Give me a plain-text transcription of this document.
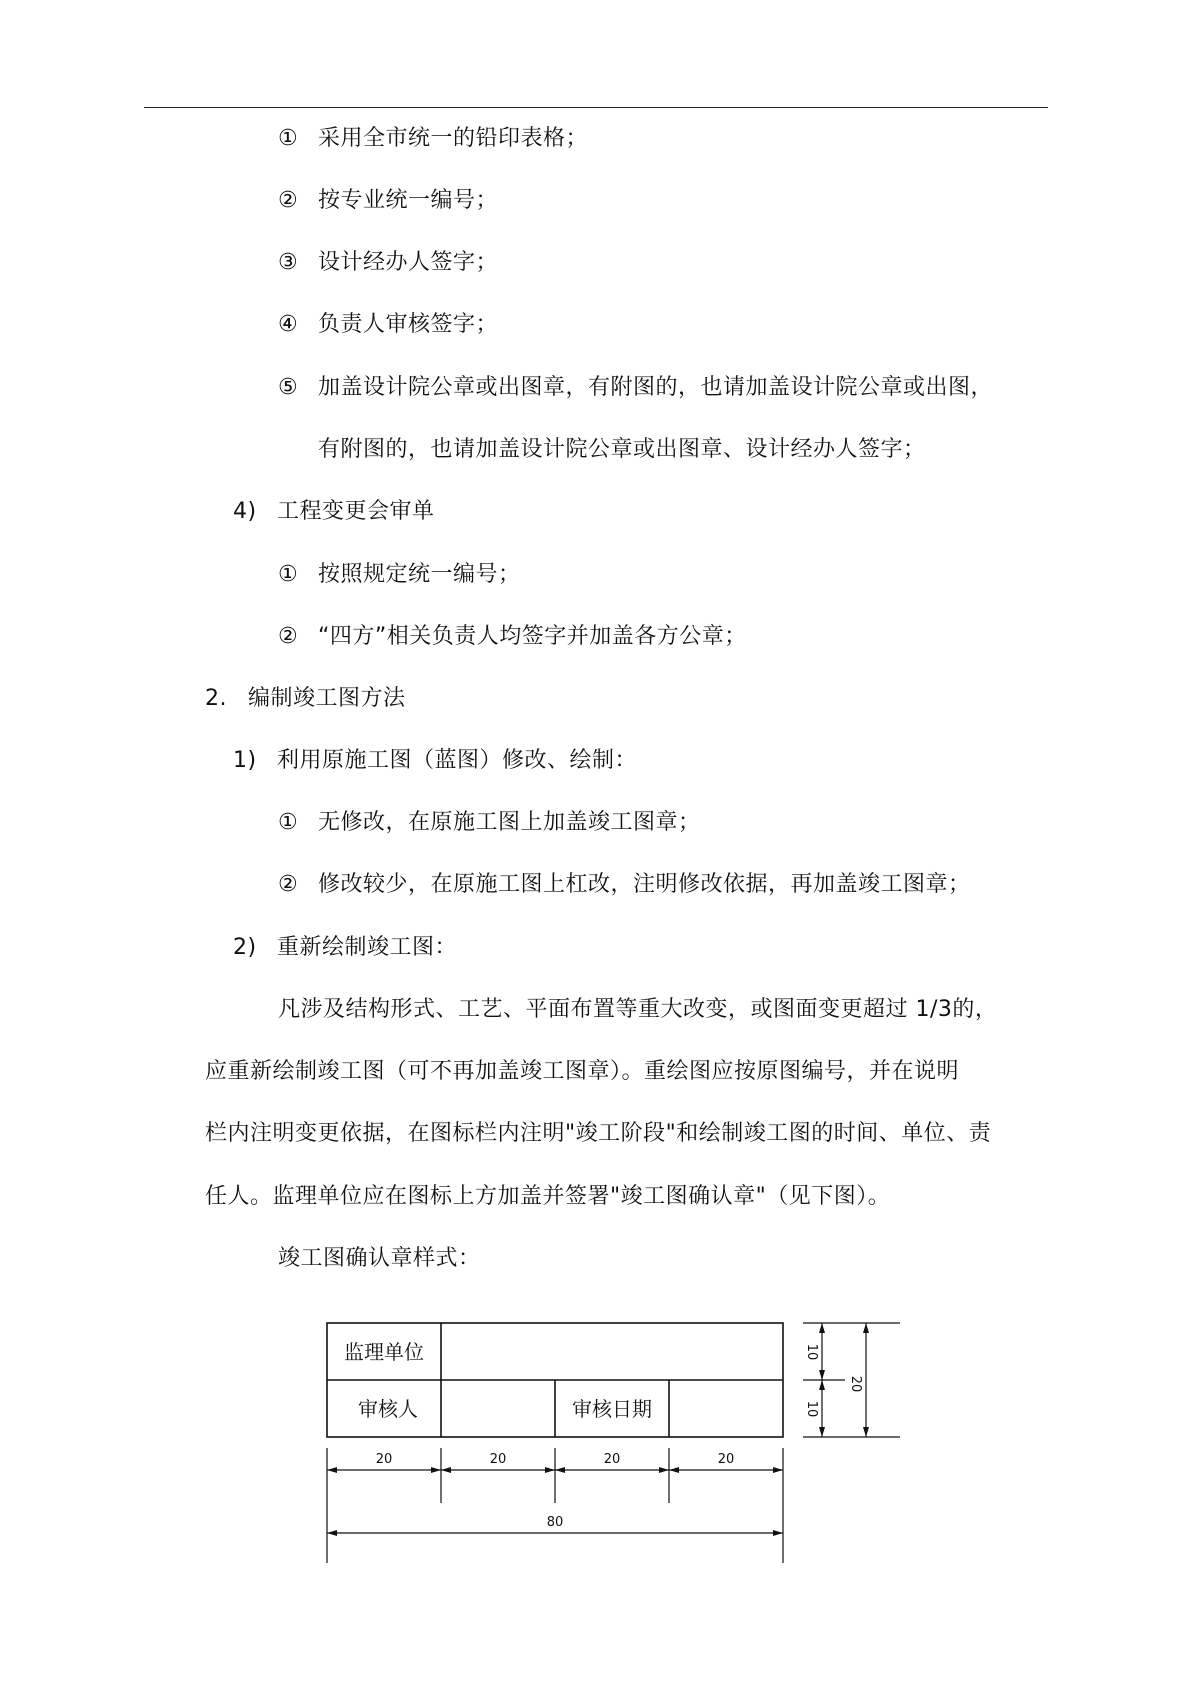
① 采用全市统一的铅印表格；
② 按专业统一编号；
③ 设计经办人签字；
④ 负责人审核签字；
⑤ 加盖设计院公章或出图章，有附图的，也请加盖设计院公章或出图，
有附图的，也请加盖设计院公章或出图章、设计经办人签字；
4) 工程变更会审单
① 按照规定统一编号；
② “四方”相关负责人均签字并加盖各方公章；
2. 编制竣工图方法
1) 利用原施工图（蓝图）修改、绘制：
① 无修改，在原施工图上加盖竣工图章；
② 修改较少，在原施工图上杠改，注明修改依据，再加盖竣工图章；
2) 重新绘制竣工图：
凡涉及结构形式、工艺、平面布置等重大改变，或图面变更超过 1/3的，
应重新绘制竣工图（可不再加盖竣工图章）。重绘图应按原图编号，并在说明
栏内注明变更依据，在图标栏内注明"竣工阶段"和绘制竣工图的时间、单位、责
任人。监理单位应在图标上方加盖并签署"竣工图确认章"（见下图）。
竣工图确认章样式：
监理单位
审核人	审核日期
20	20	20	20
80
10
10
20
